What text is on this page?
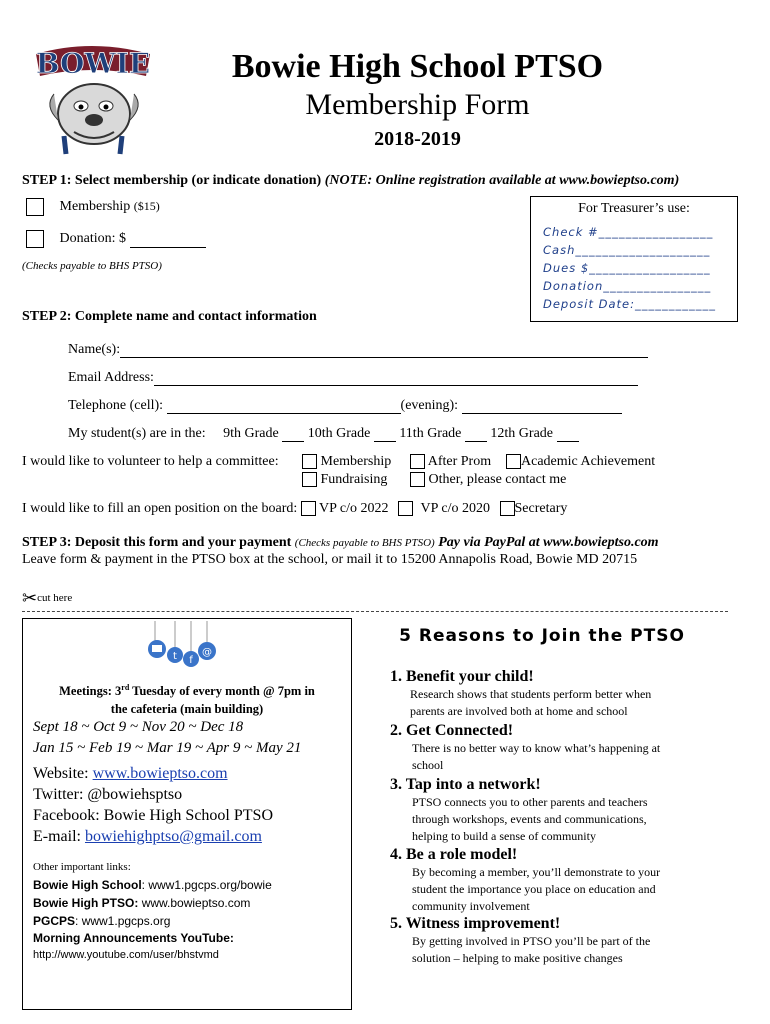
BOWIE	Bowie High School PTSO
Membership Form
2018-2019
STEP 1: Select membership (or indicate donation) (NOTE: Online registration available at www.bowieptso.com)
Membership ($15)
Donation: $
(Checks payable to BHS PTSO)
For Treasurer’s use:
Check #_________________
Cash____________________
Dues $__________________
Donation________________
Deposit Date:____________
STEP 2: Complete name and contact information
Name(s):
Email Address:
Telephone (cell):	(evening):
My student(s) are in the: 9th Grade 10th Grade 11th Grade 12th Grade
I would like to volunteer to help a committee:	Membership	After Prom	Academic Achievement
Fundraising	Other, please contact me
I would like to fill an open position on the board: VP c/o 2022 VP c/o 2020 Secretary
STEP 3: Deposit this form and your payment (Checks payable to BHS PTSO) Pay via PayPal at www.bowieptso.com
Leave form & payment in the PTSO box at the school, or mail it to 15200 Annapolis Road, Bowie MD 20715
✂cut here
t f
@
Meetings: 3rd Tuesday of every month @ 7pm in
the cafeteria (main building)
Sept 18 ~ Oct 9 ~ Nov 20 ~ Dec 18
Jan 15 ~ Feb 19 ~ Mar 19 ~ Apr 9 ~ May 21
Website: www.bowieptso.com
Twitter: @bowiehsptso
Facebook: Bowie High School PTSO
E-mail: bowiehighptso@gmail.com
Other important links:
Bowie High School: www1.pgcps.org/bowie
Bowie High PTSO: www.bowieptso.com
PGCPS: www1.pgcps.org
Morning Announcements YouTube:
http://www.youtube.com/user/bhstvmd
5 Reasons to Join the PTSO
1. Benefit your child!
Research shows that students perform better when
parents are involved both at home and school
2. Get Connected!
There is no better way to know what’s happening at
school
3. Tap into a network!
PTSO connects you to other parents and teachers
through workshops, events and communications,
helping to build a sense of community
4. Be a role model!
By becoming a member, you’ll demonstrate to your
student the importance you place on education and
community involvement
5. Witness improvement!
By getting involved in PTSO you’ll be part of the
solution – helping to make positive changes
